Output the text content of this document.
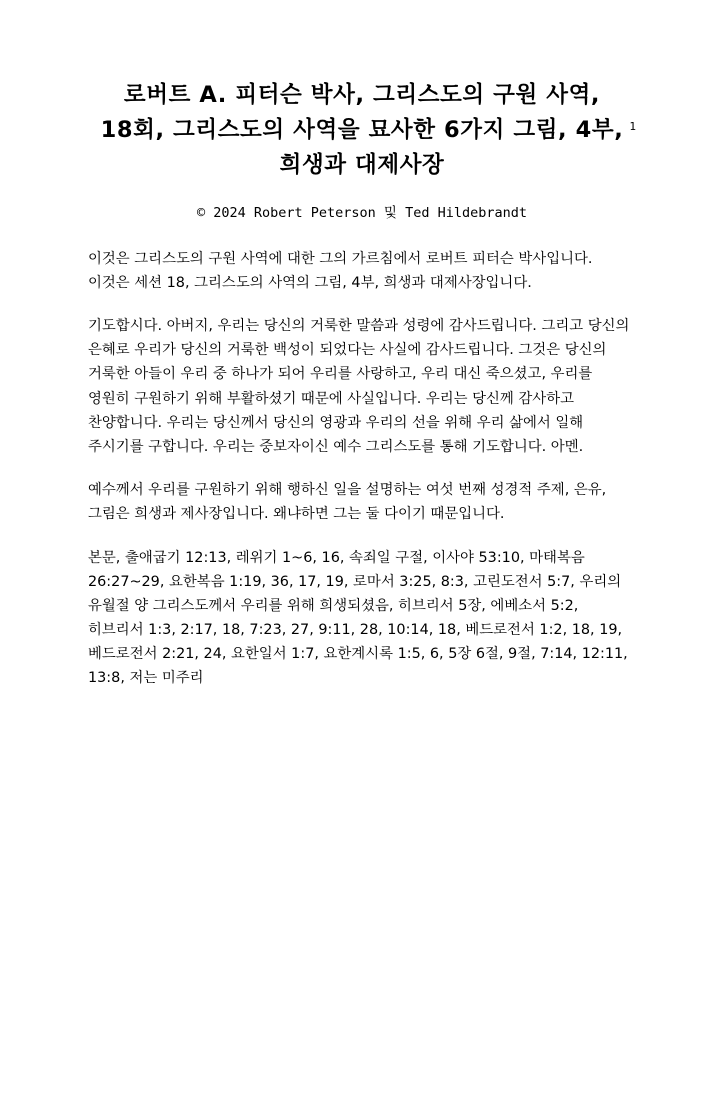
1
로버트 A. 피터슨 박사, 그리스도의 구원 사역,
18회, 그리스도의 사역을 묘사한 6가지 그림, 4부,
희생과 대제사장
© 2024 Robert Peterson 및 Ted Hildebrandt

이것은 그리스도의 구원 사역에 대한 그의 가르침에서 로버트 피터슨 박사입니다. 이것은 세션 18, 그리스도의 사역의 그림, 4부, 희생과 대제사장입니다.

기도합시다. 아버지, 우리는 당신의 거룩한 말씀과 성령에 감사드립니다. 그리고 당신의 은혜로 우리가 당신의 거룩한 백성이 되었다는 사실에 감사드립니다. 그것은 당신의 거룩한 아들이 우리 중 하나가 되어 우리를 사랑하고, 우리 대신 죽으셨고, 우리를 영원히 구원하기 위해 부활하셨기 때문에 사실입니다. 우리는 당신께 감사하고 찬양합니다. 우리는 당신께서 당신의 영광과 우리의 선을 위해 우리 삶에서 일해 주시기를 구합니다. 우리는 중보자이신 예수 그리스도를 통해 기도합니다. 아멘.

예수께서 우리를 구원하기 위해 행하신 일을 설명하는 여섯 번째 성경적 주제, 은유, 그림은 희생과 제사장입니다. 왜냐하면 그는 둘 다이기 때문입니다.

본문, 출애굽기 12:13, 레위기 1~6, 16, 속죄일 구절, 이사야 53:10, 마태복음 26:27~29, 요한복음 1:19, 36, 17, 19, 로마서 3:25, 8:3, 고린도전서 5:7, 우리의 유월절 양 그리스도께서 우리를 위해 희생되셨음, 히브리서 5장, 에베소서 5:2, 히브리서 1:3, 2:17, 18, 7:23, 27, 9:11, 28, 10:14, 18, 베드로전서 1:2, 18, 19, 베드로전서 2:21, 24, 요한일서 1:7, 요한계시록 1:5, 6, 5장 6절, 9절, 7:14, 12:11, 13:8, 저는 미주리
